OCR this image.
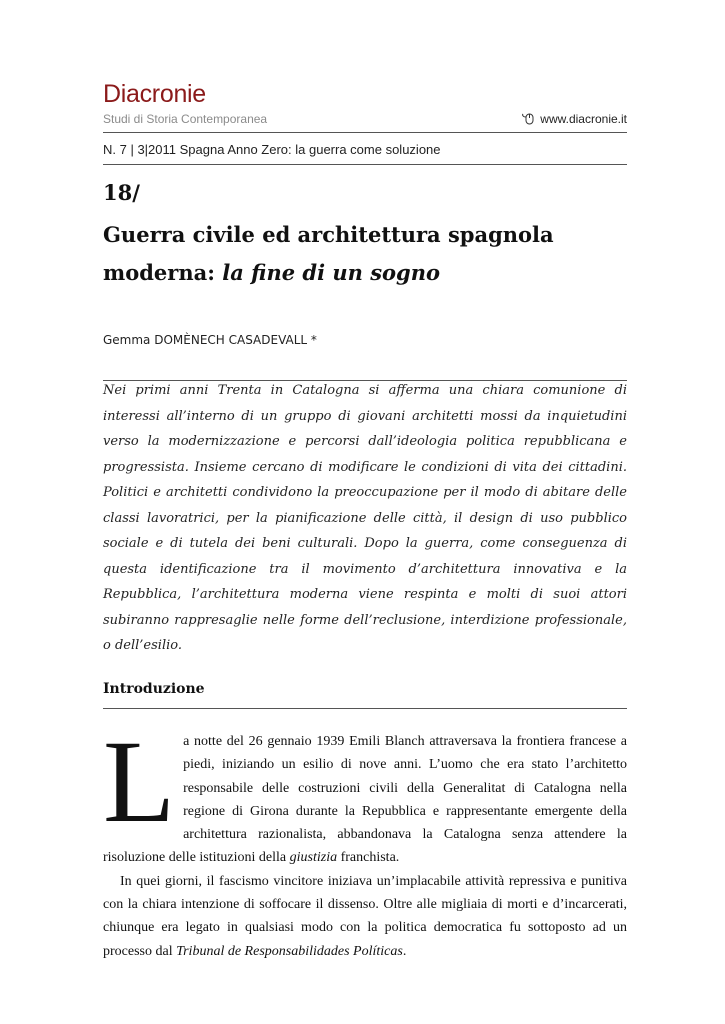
Diacronie
Studi di Storia Contemporanea	www.diacronie.it
N. 7 | 3|2011 Spagna Anno Zero: la guerra come soluzione
18/
Guerra civile ed architettura spagnola
moderna: la fine di un sogno
Gemma DOMÈNECH CASADEVALL *
Nei primi anni Trenta in Catalogna si afferma una chiara comunione di interessi all’interno di un gruppo di giovani architetti mossi da inquietudini verso la modernizzazione e percorsi dall’ideologia politica repubblicana e progressista. Insieme cercano di modificare le condizioni di vita dei cittadini. Politici e architetti condividono la preoccupazione per il modo di abitare delle classi lavoratrici, per la pianificazione delle città, il design di uso pubblico sociale e di tutela dei beni culturali. Dopo la guerra, come conseguenza di questa identificazione tra il movimento d’architettura innovativa e la Repubblica, l’architettura moderna viene respinta e molti di suoi attori subiranno rappresaglie nelle forme dell’reclusione, interdizione professionale, o dell’esilio.
Introduzione
L a notte del 26 gennaio 1939 Emili Blanch attraversava la frontiera francese a piedi, iniziando un esilio di nove anni. L’uomo che era stato l’architetto responsabile delle costruzioni civili della Generalitat di Catalogna nella regione di Girona durante la Repubblica e rappresentante emergente della architettura razionalista, abbandonava la Catalogna senza attendere la risoluzione delle istituzioni della giustizia franchista.

In quei giorni, il fascismo vincitore iniziava un’implacabile attività repressiva e punitiva con la chiara intenzione di soffocare il dissenso. Oltre alle migliaia di morti e d’incarcerati, chiunque era legato in qualsiasi modo con la politica democratica fu sottoposto ad un processo dal Tribunal de Responsabilidades Políticas.
